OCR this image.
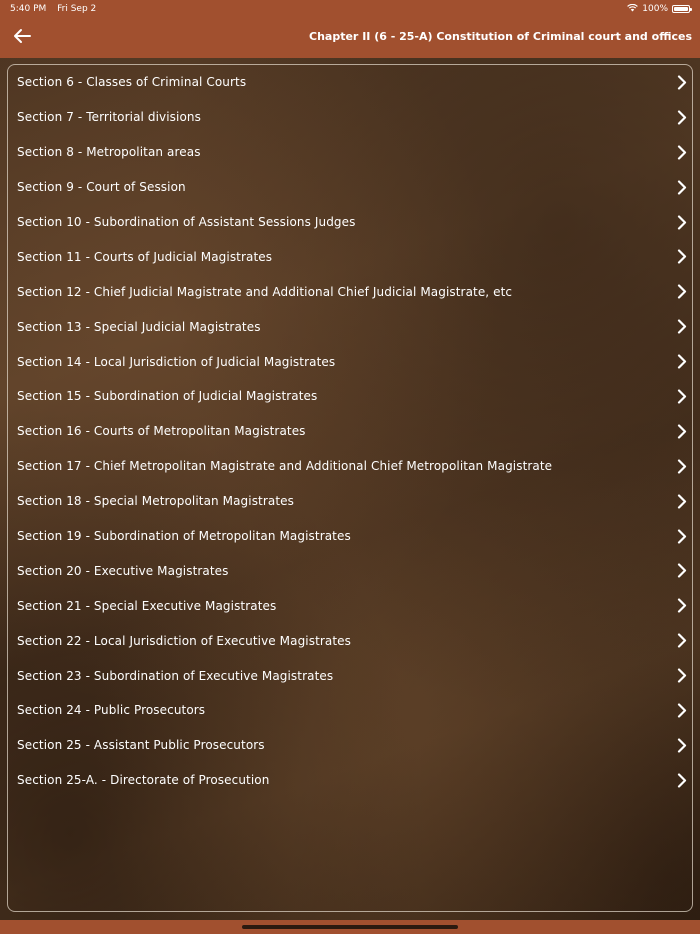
5:40 PM Fri Sep 2	100%
Chapter II (6 - 25-A) Constitution of Criminal court and offices
Section 6 - Classes of Criminal Courts
Section 7 - Territorial divisions
Section 8 - Metropolitan areas
Section 9 - Court of Session
Section 10 - Subordination of Assistant Sessions Judges
Section 11 - Courts of Judicial Magistrates
Section 12 - Chief Judicial Magistrate and Additional Chief Judicial Magistrate, etc
Section 13 - Special Judicial Magistrates
Section 14 - Local Jurisdiction of Judicial Magistrates
Section 15 - Subordination of Judicial Magistrates
Section 16 - Courts of Metropolitan Magistrates
Section 17 - Chief Metropolitan Magistrate and Additional Chief Metropolitan Magistrate
Section 18 - Special Metropolitan Magistrates
Section 19 - Subordination of Metropolitan Magistrates
Section 20 - Executive Magistrates
Section 21 - Special Executive Magistrates
Section 22 - Local Jurisdiction of Executive Magistrates
Section 23 - Subordination of Executive Magistrates
Section 24 - Public Prosecutors
Section 25 - Assistant Public Prosecutors
Section 25-A. - Directorate of Prosecution
